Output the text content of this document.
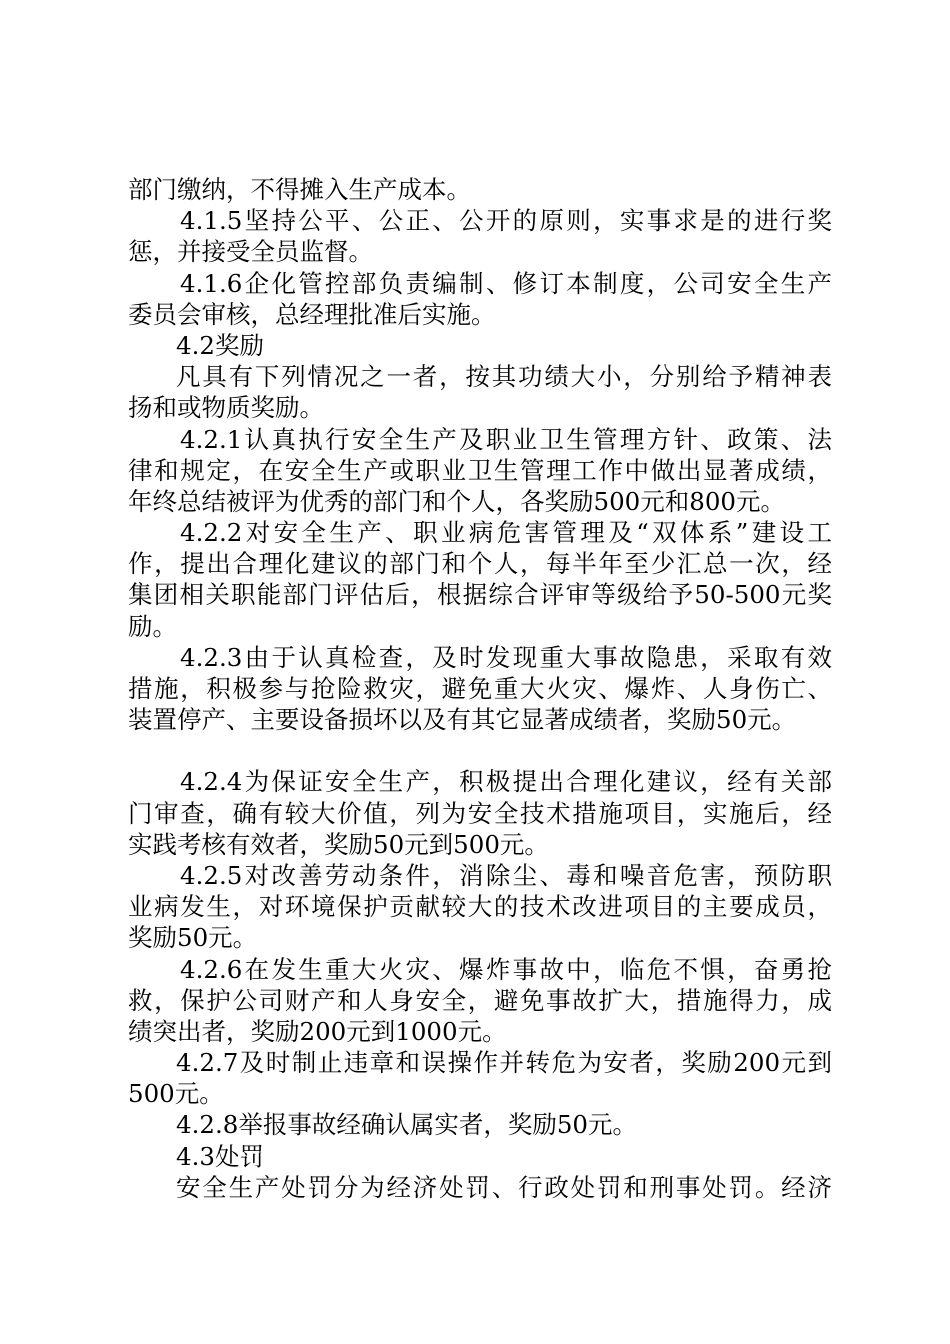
部门缴纳，不得摊入生产成本。
4.1.5坚持公平、公正、公开的原则，实事求是的进行奖
惩，并接受全员监督。
4.1.6企化管控部负责编制、修订本制度，公司安全生产
委员会审核，总经理批准后实施。
4.2奖励
凡具有下列情况之一者，按其功绩大小，分别给予精神表
扬和或物质奖励。
4.2.1认真执行安全生产及职业卫生管理方针、政策、法
律和规定，在安全生产或职业卫生管理工作中做出显著成绩，
年终总结被评为优秀的部门和个人，各奖励500元和800元。
4.2.2对安全生产、职业病危害管理及“双体系”建设工
作，提出合理化建议的部门和个人，每半年至少汇总一次，经
集团相关职能部门评估后，根据综合评审等级给予50-500元奖
励。
4.2.3由于认真检查，及时发现重大事故隐患，采取有效
措施，积极参与抢险救灾，避免重大火灾、爆炸、人身伤亡、
装置停产、主要设备损坏以及有其它显著成绩者，奖励50元。
4.2.4为保证安全生产，积极提出合理化建议，经有关部
门审查，确有较大价值，列为安全技术措施项目，实施后，经
实践考核有效者，奖励50元到500元。
4.2.5对改善劳动条件，消除尘、毒和噪音危害，预防职
业病发生，对环境保护贡献较大的技术改进项目的主要成员，
奖励50元。
4.2.6在发生重大火灾、爆炸事故中，临危不惧，奋勇抢
救，保护公司财产和人身安全，避免事故扩大，措施得力，成
绩突出者，奖励200元到1000元。
4.2.7及时制止违章和误操作并转危为安者，奖励200元到
500元。
4.2.8举报事故经确认属实者，奖励50元。
4.3处罚
安全生产处罚分为经济处罚、行政处罚和刑事处罚。经济
